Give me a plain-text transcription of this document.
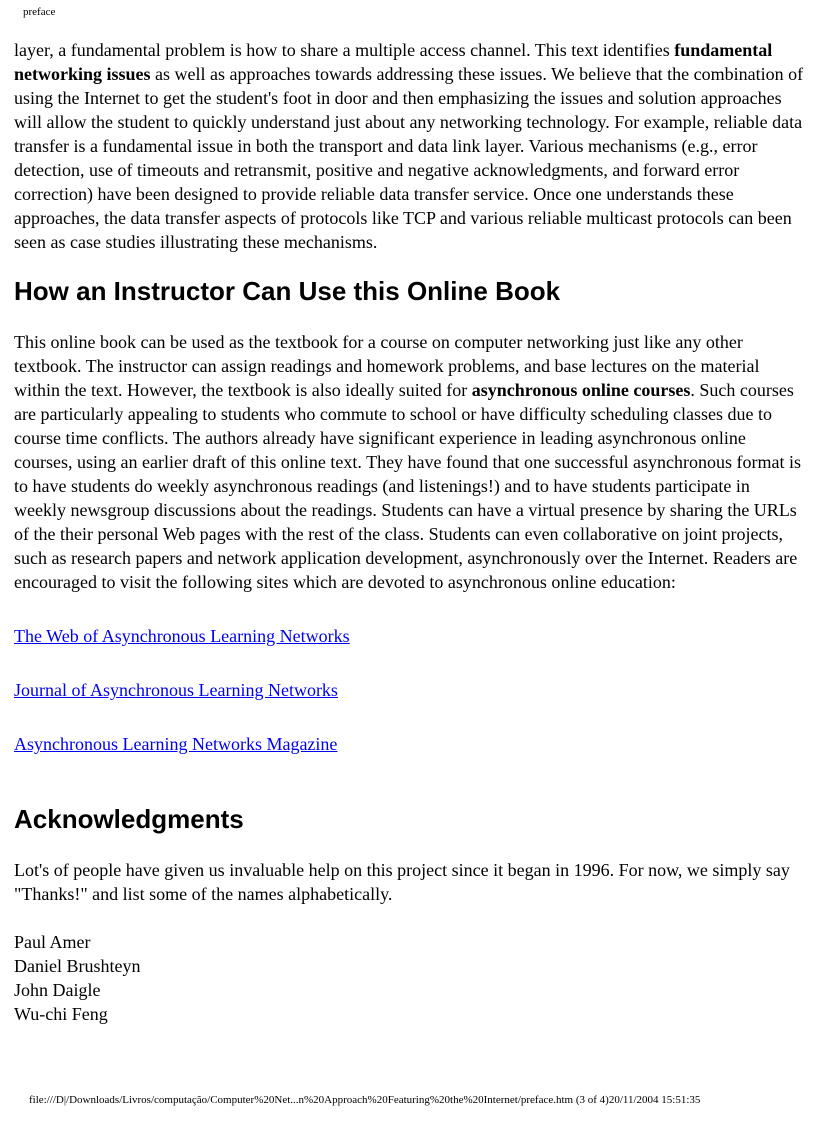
preface

layer, a fundamental problem is how to share a multiple access channel. This text identifies fundamental networking issues as well as approaches towards addressing these issues. We believe that the combination of using the Internet to get the student's foot in door and then emphasizing the issues and solution approaches will allow the student to quickly understand just about any networking technology. For example, reliable data transfer is a fundamental issue in both the transport and data link layer. Various mechanisms (e.g., error detection, use of timeouts and retransmit, positive and negative acknowledgments, and forward error correction) have been designed to provide reliable data transfer service. Once one understands these approaches, the data transfer aspects of protocols like TCP and various reliable multicast protocols can been seen as case studies illustrating these mechanisms.

How an Instructor Can Use this Online Book

This online book can be used as the textbook for a course on computer networking just like any other textbook. The instructor can assign readings and homework problems, and base lectures on the material within the text. However, the textbook is also ideally suited for asynchronous online courses. Such courses are particularly appealing to students who commute to school or have difficulty scheduling classes due to course time conflicts. The authors already have significant experience in leading asynchronous online courses, using an earlier draft of this online text. They have found that one successful asynchronous format is to have students do weekly asynchronous readings (and listenings!) and to have students participate in weekly newsgroup discussions about the readings. Students can have a virtual presence by sharing the URLs of the their personal Web pages with the rest of the class. Students can even collaborative on joint projects, such as research papers and network application development, asynchronously over the Internet. Readers are encouraged to visit the following sites which are devoted to asynchronous online education:

The Web of Asynchronous Learning Networks
Journal of Asynchronous Learning Networks
Asynchronous Learning Networks Magazine
Acknowledgments

Lot's of people have given us invaluable help on this project since it began in 1996. For now, we simply say "Thanks!" and list some of the names alphabetically.

Paul Amer
Daniel Brushteyn
John Daigle
Wu-chi Feng
file:///D|/Downloads/Livros/computação/Computer%20Net...n%20Approach%20Featuring%20the%20Internet/preface.htm (3 of 4)20/11/2004 15:51:35
